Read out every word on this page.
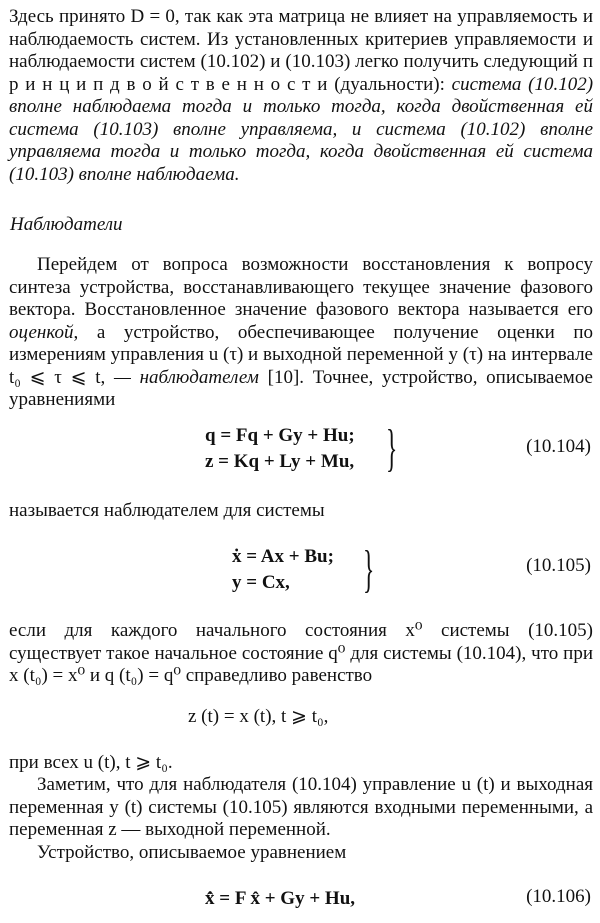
Здесь принято D = 0, так как эта матрица не влияет на управляемость и наблюдаемость систем. Из установленных критериев управляемости и наблюдаемости систем (10.102) и (10.103) легко получить следующий п р и н ц и п д в о й с т в е н н о с т и (дуальности): система (10.102) вполне наблюдаема тогда и только тогда, когда двойственная ей система (10.103) вполне управляема, и система (10.102) вполне управляема тогда и только тогда, когда двойственная ей система (10.103) вполне наблюдаема.

Наблюдатели

Перейдем от вопроса возможности восстановления к вопросу синтеза устройства, восстанавливающего текущее значение фазового вектора. Восстановленное значение фазового вектора называется его оценкой, а устройство, обеспечивающее получение оценки по измерениям управления u (τ) и выходной переменной y (τ) на интервале t₀ ⩽ τ ⩽ t, — наблюдателем [10]. Точнее, устройство, описываемое уравнениями

q = Fq + Gy + Hu;
z = Kq + Ly + Mu, }	(10.104)

называется наблюдателем для системы

ẋ = Ax + Bu;
y = Cx,	}	(10.105)

если для каждого начального состояния x⁰ системы (10.105) существует такое начальное состояние q⁰ для системы (10.104), что при x (t₀) = x⁰ и q (t₀) = q⁰ справедливо равенство

z (t) = x (t), t ⩾ t₀,

при всех u (t), t ⩾ t₀.

Заметим, что для наблюдателя (10.104) управление u (t) и выходная переменная y (t) системы (10.105) являются входными переменными, а переменная z — выходной переменной.

Устройство, описываемое уравнением

x̂̇ = F x̂ + Gy + Hu,	(10.106)
